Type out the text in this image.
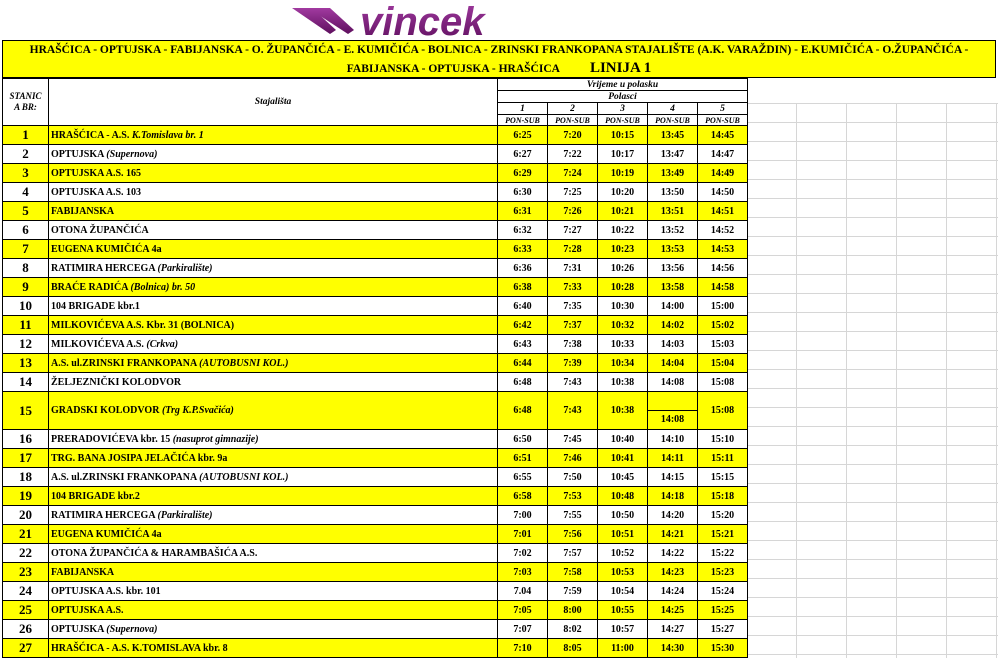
vincek
HRAŠĆICA - OPTUJSKA - FABIJANSKA - O. ŽUPANČIĆA - E. KUMIČIĆA - BOLNICA - ZRINSKI FRANKOPANA STAJALIŠTE (A.K. VARAŽDIN) - E.KUMIČIĆA - O.ŽUPANČIĆA -
FABIJANSKA - OPTUJSKA - HRAŠĆICA LINIJA 1
STANIC
A BR:	Stajališta	Vrijeme u polasku				
		Polasci				
		1	2	3	4	5
		PON-SUB	PON-SUB	PON-SUB	PON-SUB	PON-SUB
1	HRAŠĆICA - A.S. K.Tomislava br. 1	6:25	7:20	10:15	13:45	14:45
2	OPTUJSKA (Supernova)	6:27	7:22	10:17	13:47	14:47
3	OPTUJSKA A.S. 165	6:29	7:24	10:19	13:49	14:49
4	OPTUJSKA A.S. 103	6:30	7:25	10:20	13:50	14:50
5	FABIJANSKA	6:31	7:26	10:21	13:51	14:51
6	OTONA ŽUPANČIĆA	6:32	7:27	10:22	13:52	14:52
7	EUGENA KUMIČIĆA 4a	6:33	7:28	10:23	13:53	14:53
8	RATIMIRA HERCEGA (Parkiralište)	6:36	7:31	10:26	13:56	14:56
9	BRAĆE RADIĆA (Bolnica) br. 50	6:38	7:33	10:28	13:58	14:58
10	104 BRIGADE kbr.1	6:40	7:35	10:30	14:00	15:00
11	MILKOVIĆEVA A.S. Kbr. 31 (BOLNICA)	6:42	7:37	10:32	14:02	15:02
12	MILKOVIĆEVA A.S. (Crkva)	6:43	7:38	10:33	14:03	15:03
13	A.S. ul.ZRINSKI FRANKOPANA (AUTOBUSNI KOL.)	6:44	7:39	10:34	14:04	15:04
14	ŽELJEZNIČKI KOLODVOR	6:48	7:43	10:38	14:08	15:08
15	GRADSKI KOLODVOR (Trg K.P.Svačića)	6:48	7:43	10:38	14:08	15:08
16	PRERADOVIĆEVA kbr. 15 (nasuprot gimnazije)	6:50	7:45	10:40	14:10	15:10
17	TRG. BANA JOSIPA JELAČIĆA kbr. 9a	6:51	7:46	10:41	14:11	15:11
18	A.S. ul.ZRINSKI FRANKOPANA (AUTOBUSNI KOL.)	6:55	7:50	10:45	14:15	15:15
19	104 BRIGADE kbr.2	6:58	7:53	10:48	14:18	15:18
20	RATIMIRA HERCEGA (Parkiralište)	7:00	7:55	10:50	14:20	15:20
21	EUGENA KUMIČIĆA 4a	7:01	7:56	10:51	14:21	15:21
22	OTONA ŽUPANČIĆA & HARAMBAŠIĆA A.S.	7:02	7:57	10:52	14:22	15:22
23	FABIJANSKA	7:03	7:58	10:53	14:23	15:23
24	OPTUJSKA A.S. kbr. 101	7.04	7:59	10:54	14:24	15:24
25	OPTUJSKA A.S.	7:05	8:00	10:55	14:25	15:25
26	OPTUJSKA (Supernova)	7:07	8:02	10:57	14:27	15:27
27	HRAŠĆICA - A.S. K.TOMISLAVA kbr. 8	7:10	8:05	11:00	14:30	15:30
